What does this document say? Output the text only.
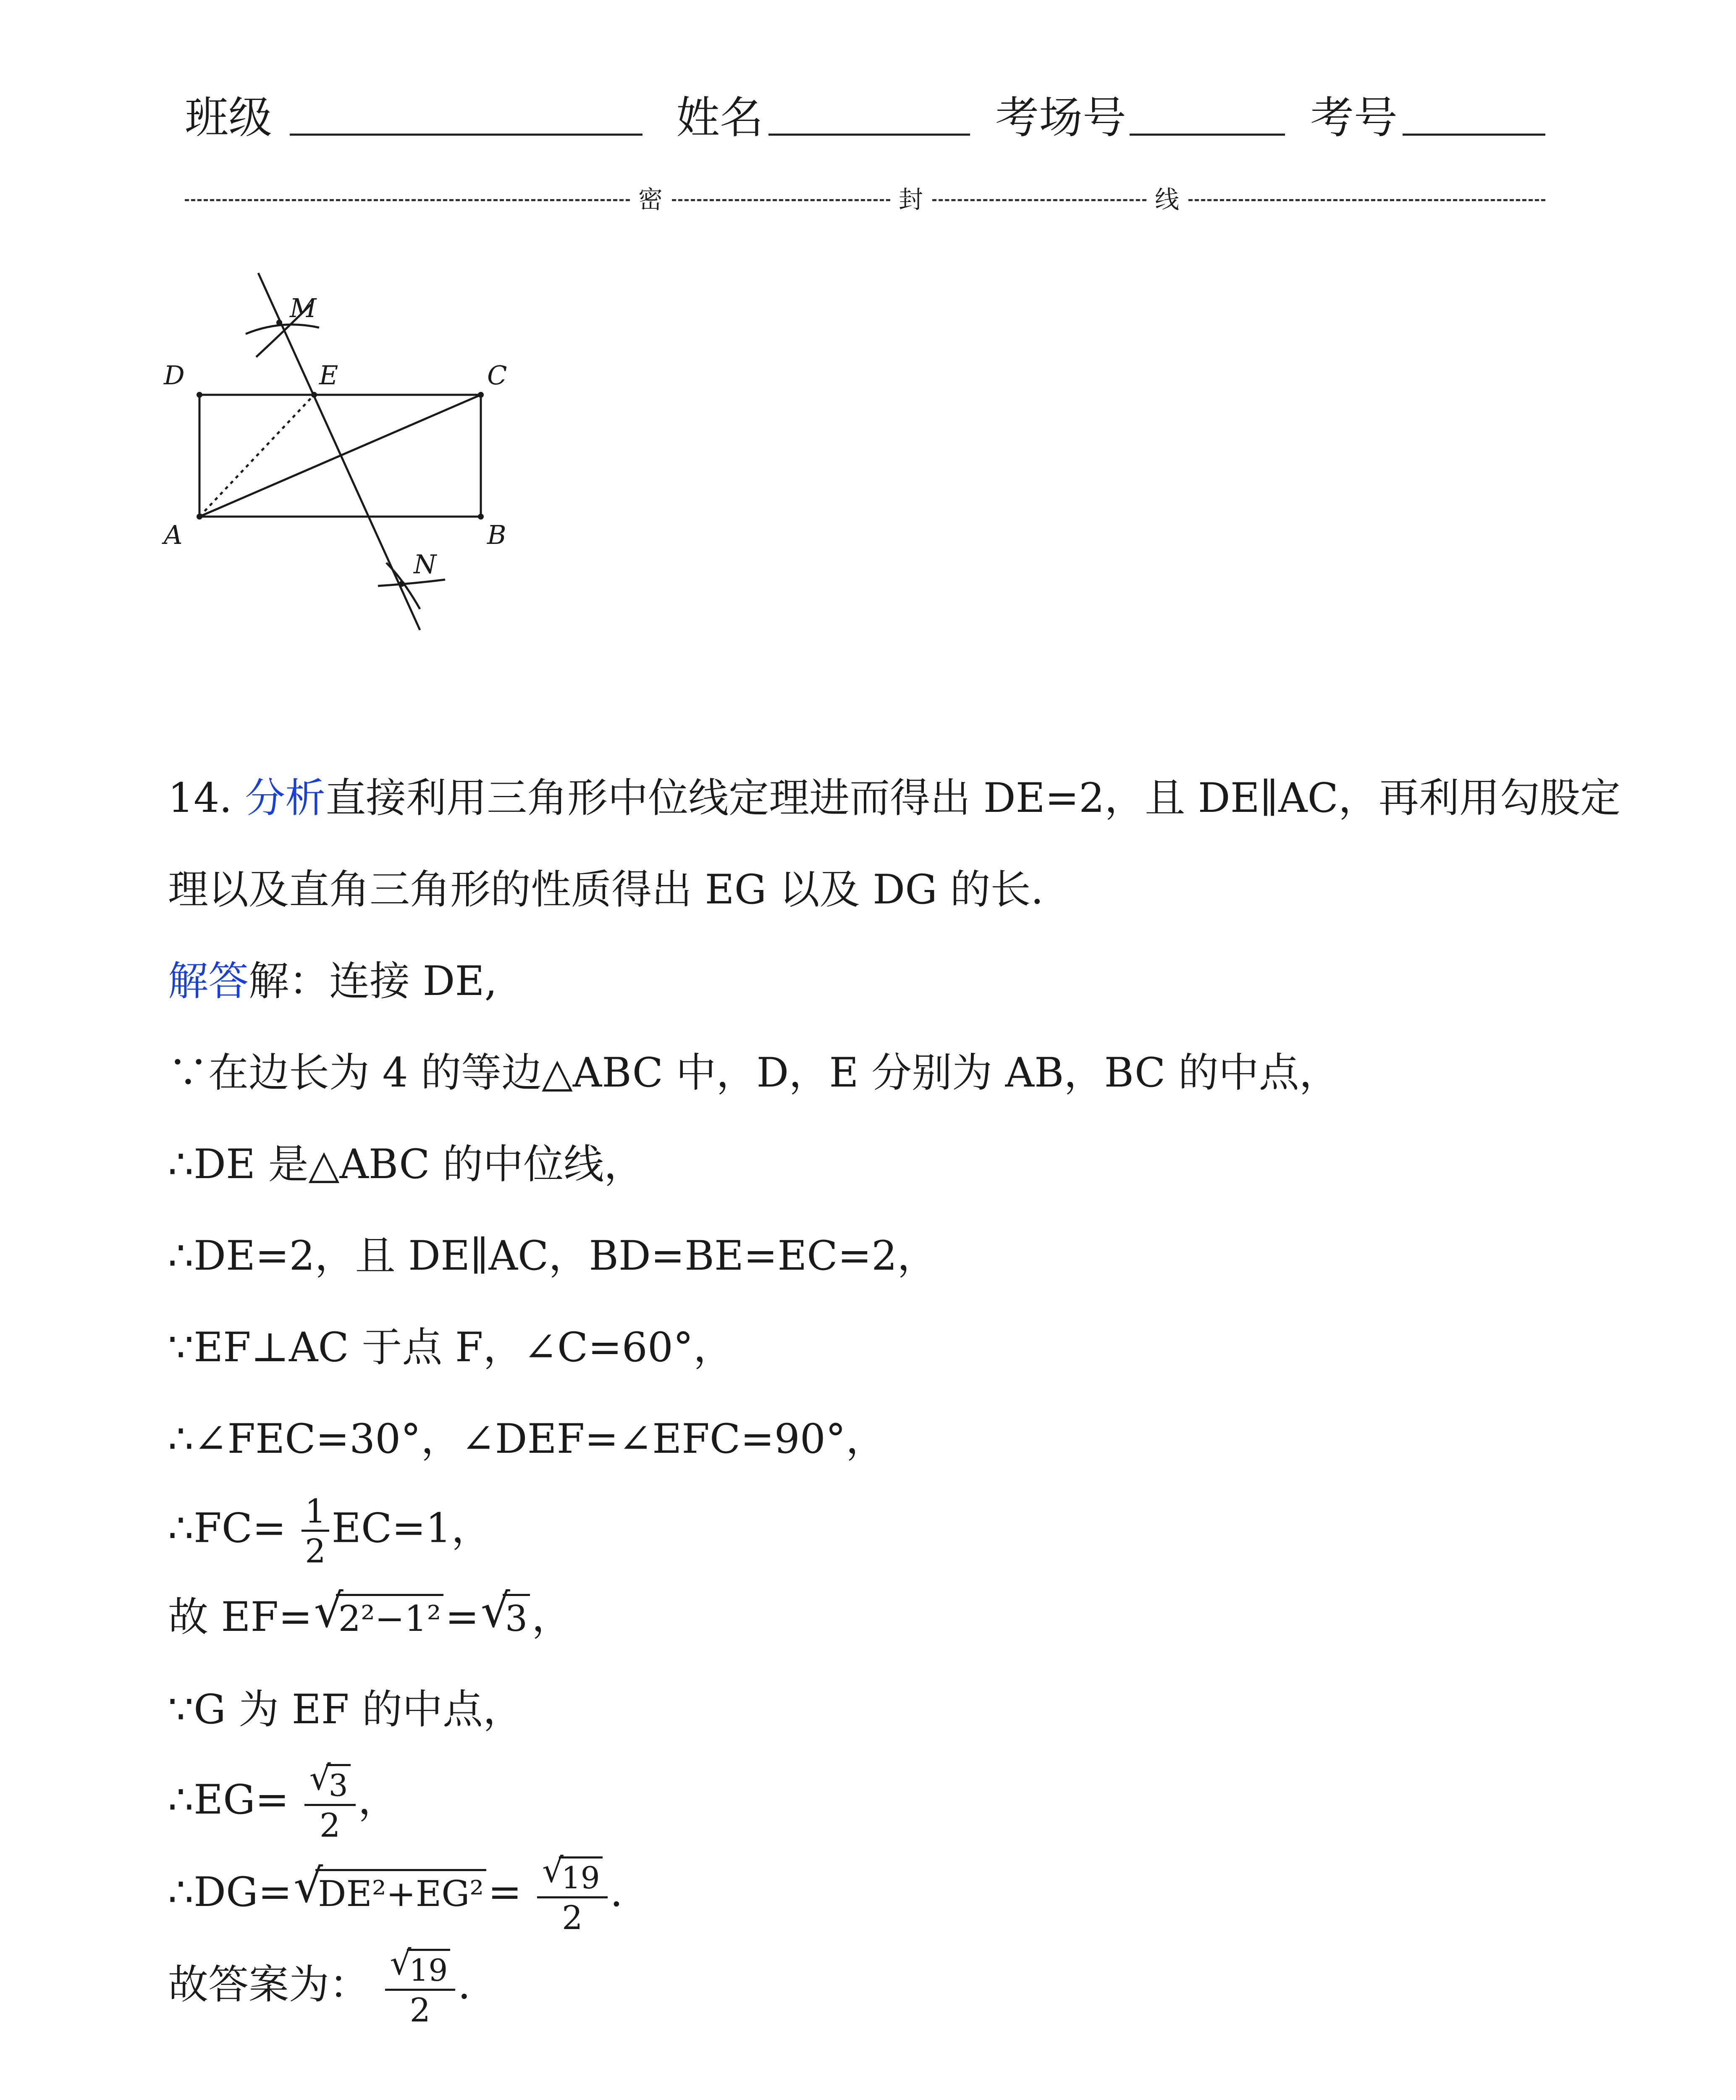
班级	姓名	考场号	考号
密	封	线
M
D	E	C
A	B
N
14. 分析直接利用三角形中位线定理进而得出 DE=2，且 DE∥AC，再利用勾股定
理以及直角三角形的性质得出 EG 以及 DG 的长.
解答解：连接 DE,
∵在边长为 4 的等边△ABC 中，D，E 分别为 AB，BC 的中点，
∴DE 是△ABC 的中位线，
∴DE=2，且 DE∥AC，BD=BE=EC=2，
∵EF⊥AC 于点 F，∠C=60°，
∴∠FEC=30°，∠DEF=∠EFC=90°，
∴FC= $\frac{1}{2} EC=1$，
故 EF= √
2²−1² = √
3 ，
∵G 为 EF 的中点，
∴EG= √
3
2 ，
∴DG= √
DE²+EG² = √
19
2 .
故答案为： √
19
2 .
